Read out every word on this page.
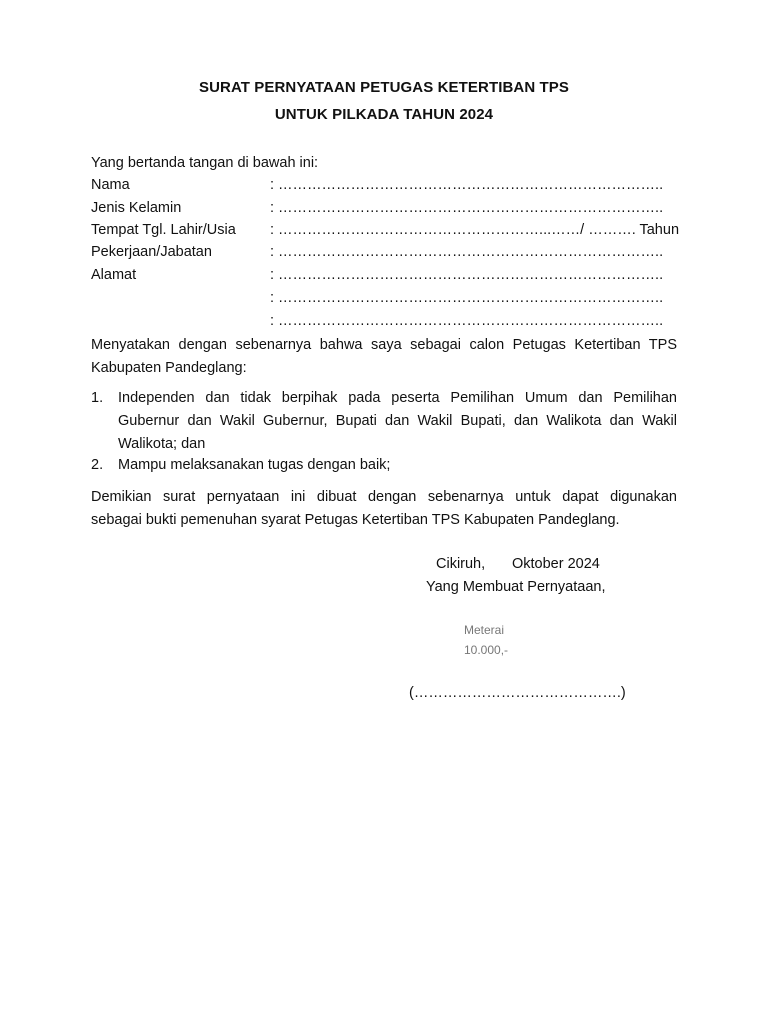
SURAT PERNYATAAN PETUGAS KETERTIBAN TPS
UNTUK PILKADA TAHUN 2024
Yang bertanda tangan di bawah ini:
Nama	: ……………………………………………………………………..
Jenis Kelamin	: ……………………………………………………………………..
Tempat Tgl. Lahir/Usia : ………………………………………………...……/ ………. Tahun
Pekerjaan/Jabatan	: ……………………………………………………………………..
Alamat	: ……………………………………………………………………..
: ……………………………………………………………………..
: ……………………………………………………………………..
Menyatakan dengan sebenarnya bahwa saya sebagai calon Petugas Ketertiban TPS
Kabupaten Pandeglang:
1. Independen dan tidak berpihak pada peserta Pemilihan Umum dan Pemilihan Gubernur dan Wakil Gubernur, Bupati dan Wakil Bupati, dan Walikota dan Wakil Walikota; dan
2. Mampu melaksanakan tugas dengan baik;
Demikian surat pernyataan ini dibuat dengan sebenarnya untuk dapat digunakan
sebagai bukti pemenuhan syarat Petugas Ketertiban TPS Kabupaten Pandeglang.
Cikiruh, Oktober 2024
Yang Membuat Pernyataan,
Meterai
10.000,-
(…………………………………….)
